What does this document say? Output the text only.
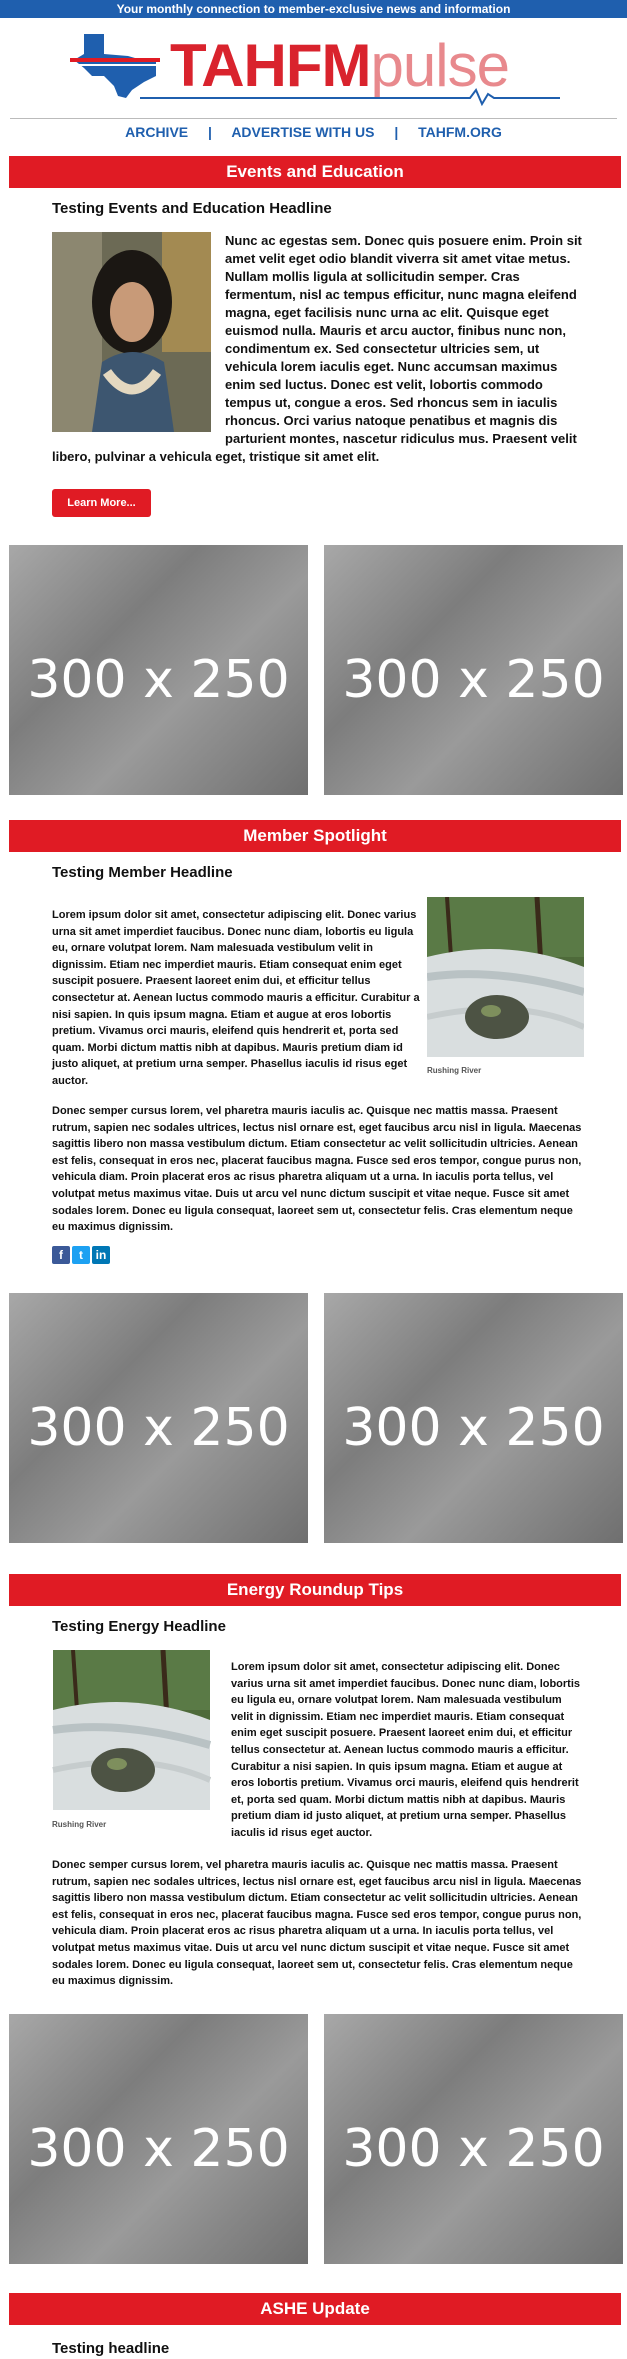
Your monthly connection to member-exclusive news and information
TAHFMpulse
ARCHIVE | ADVERTISE WITH US | TAHFM.ORG
Events and Education
Testing Events and Education Headline
Nunc ac egestas sem. Donec quis posuere enim. Proin sit amet velit eget odio blandit viverra sit amet vitae metus. Nullam mollis ligula at sollicitudin semper. Cras fermentum, nisl ac tempus efficitur, nunc magna eleifend magna, eget facilisis nunc urna ac elit. Quisque eget euismod nulla. Mauris et arcu auctor, finibus nunc non, condimentum ex. Sed consectetur ultricies sem, ut vehicula lorem iaculis eget. Nunc accumsan maximus enim sed luctus. Donec est velit, lobortis commodo tempus ut, congue a eros. Sed rhoncus sem in iaculis rhoncus. Orci varius natoque penatibus et magnis dis parturient montes, nascetur ridiculus mus. Praesent velit libero, pulvinar a vehicula eget, tristique sit amet elit.
Learn More...
300 x 250	300 x 250
Member Spotlight
Testing Member Headline
Lorem ipsum dolor sit amet, consectetur adipiscing elit. Donec varius urna sit amet imperdiet faucibus. Donec nunc diam, lobortis eu ligula eu, ornare volutpat lorem. Nam malesuada vestibulum velit in dignissim. Etiam nec imperdiet mauris. Etiam consequat enim eget suscipit posuere. Praesent laoreet enim dui, et efficitur tellus consectetur at. Aenean luctus commodo mauris a efficitur. Curabitur a nisi sapien. In quis ipsum magna. Etiam et augue at eros lobortis pretium. Vivamus orci mauris, eleifend quis hendrerit et, porta sed quam. Morbi dictum mattis nibh at dapibus. Mauris pretium diam id justo aliquet, at pretium urna semper. Phasellus iaculis id risus eget auctor.
Rushing River
Donec semper cursus lorem, vel pharetra mauris iaculis ac. Quisque nec mattis massa. Praesent rutrum, sapien nec sodales ultrices, lectus nisl ornare est, eget faucibus arcu nisl in ligula. Maecenas sagittis libero non massa vestibulum dictum. Etiam consectetur ac velit sollicitudin ultricies. Aenean est felis, consequat in eros nec, placerat faucibus magna. Fusce sed eros tempor, congue purus non, vehicula diam. Proin placerat eros ac risus pharetra aliquam ut a urna. In iaculis porta tellus, vel volutpat metus maximus vitae. Duis ut arcu vel nunc dictum suscipit et vitae neque. Fusce sit amet sodales lorem. Donec eu ligula consequat, laoreet sem ut, consectetur felis. Cras elementum neque eu maximus dignissim.
f t in
300 x 250	300 x 250
Energy Roundup Tips
Testing Energy Headline
Rushing River
Lorem ipsum dolor sit amet, consectetur adipiscing elit. Donec varius urna sit amet imperdiet faucibus. Donec nunc diam, lobortis eu ligula eu, ornare volutpat lorem. Nam malesuada vestibulum velit in dignissim. Etiam nec imperdiet mauris. Etiam consequat enim eget suscipit posuere. Praesent laoreet enim dui, et efficitur tellus consectetur at. Aenean luctus commodo mauris a efficitur. Curabitur a nisi sapien. In quis ipsum magna. Etiam et augue at eros lobortis pretium. Vivamus orci mauris, eleifend quis hendrerit et, porta sed quam. Morbi dictum mattis nibh at dapibus. Mauris pretium diam id justo aliquet, at pretium urna semper. Phasellus iaculis id risus eget auctor.
Donec semper cursus lorem, vel pharetra mauris iaculis ac. Quisque nec mattis massa. Praesent rutrum, sapien nec sodales ultrices, lectus nisl ornare est, eget faucibus arcu nisl in ligula. Maecenas sagittis libero non massa vestibulum dictum. Etiam consectetur ac velit sollicitudin ultricies. Aenean est felis, consequat in eros nec, placerat faucibus magna. Fusce sed eros tempor, congue purus non, vehicula diam. Proin placerat eros ac risus pharetra aliquam ut a urna. In iaculis porta tellus, vel volutpat metus maximus vitae. Duis ut arcu vel nunc dictum suscipit et vitae neque. Fusce sit amet sodales lorem. Donec eu ligula consequat, laoreet sem ut, consectetur felis. Cras elementum neque eu maximus dignissim.
300 x 250	300 x 250
ASHE Update
Testing headline
